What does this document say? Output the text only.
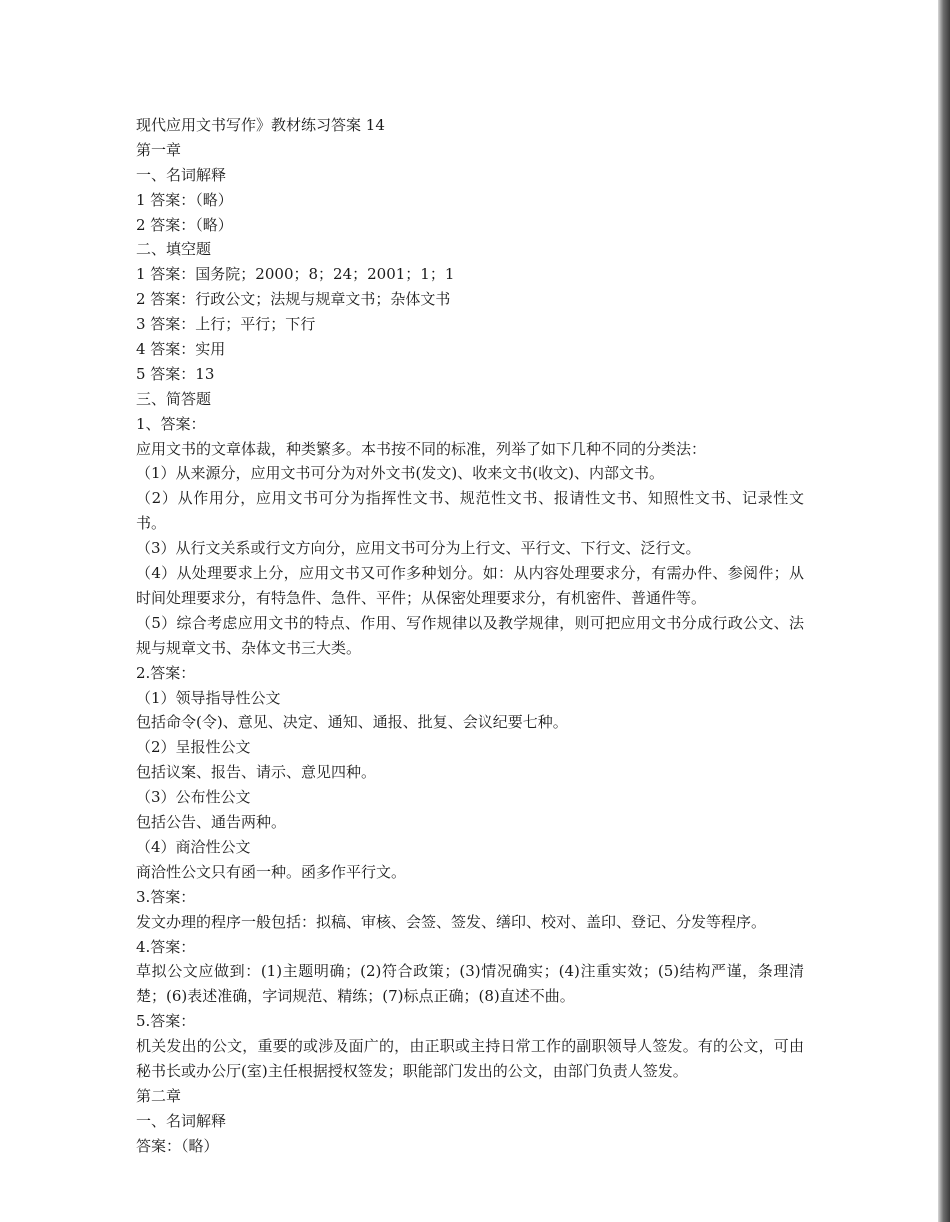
现代应用文书写作》教材练习答案 14
第一章
一、名词解释
1 答案：（略）
2 答案：（略）
二、填空题
1 答案：国务院；2000；8；24；2001；1；1
2 答案：行政公文；法规与规章文书；杂体文书
3 答案：上行；平行；下行
4 答案：实用
5 答案：13
三、简答题
1、答案：
应用文书的文章体裁，种类繁多。本书按不同的标准，列举了如下几种不同的分类法：
（1）从来源分，应用文书可分为对外文书(发文)、收来文书(收文)、内部文书。
（2）从作用分，应用文书可分为指挥性文书、规范性文书、报请性文书、知照性文书、记录性文书。
（3）从行文关系或行文方向分，应用文书可分为上行文、平行文、下行文、泛行文。
（4）从处理要求上分，应用文书又可作多种划分。如：从内容处理要求分，有需办件、参阅件；从时间处理要求分，有特急件、急件、平件；从保密处理要求分，有机密件、普通件等。
（5）综合考虑应用文书的特点、作用、写作规律以及教学规律，则可把应用文书分成行政公文、法规与规章文书、杂体文书三大类。
2.答案：
（1）领导指导性公文
包括命令(令)、意见、决定、通知、通报、批复、会议纪要七种。
（2）呈报性公文
包括议案、报告、请示、意见四种。
（3）公布性公文
包括公告、通告两种。
（4）商洽性公文
商洽性公文只有函一种。函多作平行文。
3.答案：
发文办理的程序一般包括：拟稿、审核、会签、签发、缮印、校对、盖印、登记、分发等程序。
4.答案：
草拟公文应做到：(1)主题明确；(2)符合政策；(3)情况确实；(4)注重实效；(5)结构严谨，条理清楚；(6)表述准确，字词规范、精练；(7)标点正确；(8)直述不曲。
5.答案：
机关发出的公文，重要的或涉及面广的，由正职或主持日常工作的副职领导人签发。有的公文，可由秘书长或办公厅(室)主任根据授权签发；职能部门发出的公文，由部门负责人签发。
第二章
一、名词解释
答案：（略）
